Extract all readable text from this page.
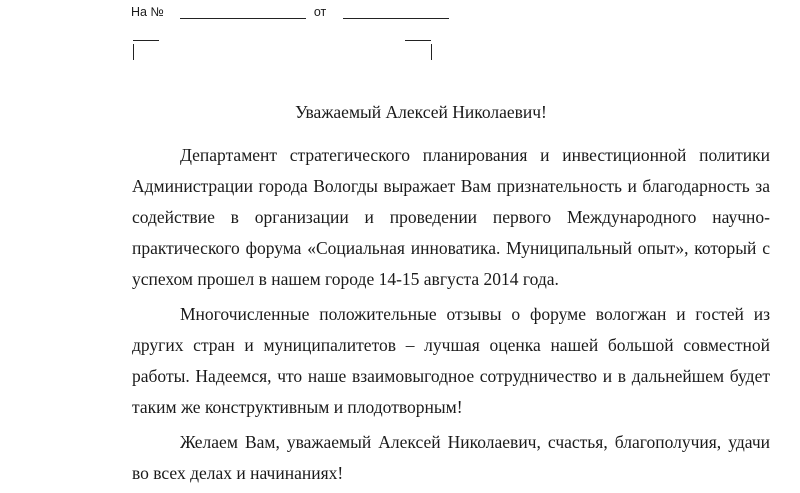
На №	от
Уважаемый Алексей Николаевич!

Департамент стратегического планирования и инвестиционной политики Администрации города Вологды выражает Вам признательность и благодарность за содействие в организации и проведении первого Международного научно-практического форума «Социальная инноватика. Муниципальный опыт», который с успехом прошел в нашем городе 14-15 августа 2014 года.

Многочисленные положительные отзывы о форуме вологжан и гостей из других стран и муниципалитетов – лучшая оценка нашей большой совместной работы. Надеемся, что наше взаимовыгодное сотрудничество и в дальнейшем будет таким же конструктивным и плодотворным!

Желаем Вам, уважаемый Алексей Николаевич, счастья, благополучия, удачи во всех делах и начинаниях!
